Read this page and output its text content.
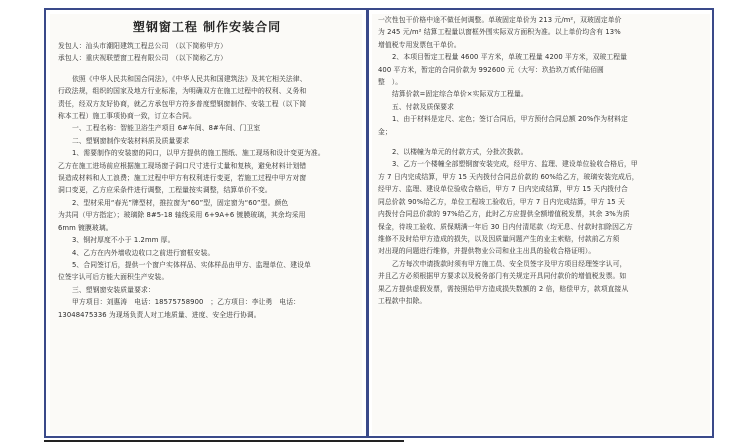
塑钢窗工程 制作安装合同
发包人：汕头市潮阳建筑工程总公司　（以下简称甲方）
承包人：重庆视联塑窗工程有限公司　（以下简称乙方）
依照《中华人民共和国合同法》，《中华人民共和国建筑法》及其它相关法律、
行政法规，组织的国家及地方行业标准，为明确双方在施工过程中的权利、义务和
责任，经双方友好协商，就乙方承包甲方符多普度塑钢窗制作、安装工程（以下简
称本工程）施工事项协商一致，订立本合同。
一、工程名称：智能卫浴生产项目 6#车间、8#车间、门卫室
二、塑钢窗制作安装材料质及质量要求
1、需要制作的安装窗的同口，以甲方提供的施工图纸、施工现场和设计变更为准。
乙方在施工进场前应根据施工现场窗子洞口尺寸进行丈量和复核，避免材料计划错
误造成材料和人工浪费；施工过程中甲方有权利进行变更，若施工过程中甲方对窗
洞口变更，乙方应采条件进行调整，工程量按实调整，结算单价不变。
2、型材采用“春光”牌型材，推拉窗为“60”型，固定窗为“60”型。颜色
为共同（甲方指定）；玻璃除 8#5-18 轴线采用 6+9A+6 镀膜玻璃，其余均采用
6mm 镀膜玻璃。
3、钢衬厚度不小于 1.2mm 厚。
4、乙方在内外墙收边收口之前进行窗框安装。
5、合同签订后，提供一个窗户实体样品、实体样品由甲方、监理单位、建设单
位签字认可后方能大面积生产安装。
三、塑钢窗安装质量要求：
甲方项目：刘惠涛　电话：18575758900　；乙方项目：李让勇　电话：
13048475336 为现场负责人对工地质量、进度、安全进行协调。
一次性包干价格中途不做任何调整。单玻固定单价为 213 元/m²，双玻固定单价
为 245 元/m² 结算工程量以窗框外围实际双方面积为准。以上单价均含有 13%
增值税专用发票包干单价。
2、本项目暂定工程量 4600 平方米，单玻工程量 4200 平方米，双玻工程量
400 平方米，暂定的合同价款为 992600 元（大写：玖拾玖万贰仟陆佰圆
整　）。
结算价款=固定综合单价×实际双方工程量。
五、付款及质保要求
1、由于材料是定尺、定色；签订合同后，甲方预付合同总额 20%作为材料定
金；
2、以楼幢为单元的付款方式，分批次拨款。
3、乙方一个楼幢全部塑钢窗安装完成，经甲方、监理、建设单位验收合格后，甲
方 7 日内完成结算，甲方 15 天内拨付合同总价款的 60%给乙方，玻璃安装完成后，
经甲方、监理、建设单位验收合格后，甲方 7 日内完成结算，甲方 15 天内拨付合
同总价款 90%给乙方，单位工程竣工验收后，甲方 7 日内完成结算，甲方 15 天
内拨付合同总价款的 97%给乙方，此时乙方应提供全额增值税发票，其余 3%为质
保金，待竣工验收、质保期满一年后 30 日内付清尾款（均无息、付款时扣除因乙方
维修不及时给甲方造成的损失，以及因质量问题产生的业主索赔，付款前乙方须
对出现的问题进行维修，并提供物业公司和业主出具的验收合格证明）。
乙方每次申请拨款时须有甲方施工员、安全员签字及甲方项目经理签字认可，
并且乙方必须根据甲方要求以及税务部门有关规定开具同付款价的增值税发票。如
果乙方提供虚假发票，需按照给甲方造成损失数额的 2 倍，赔偿甲方，款项直接从
工程款中扣除。
